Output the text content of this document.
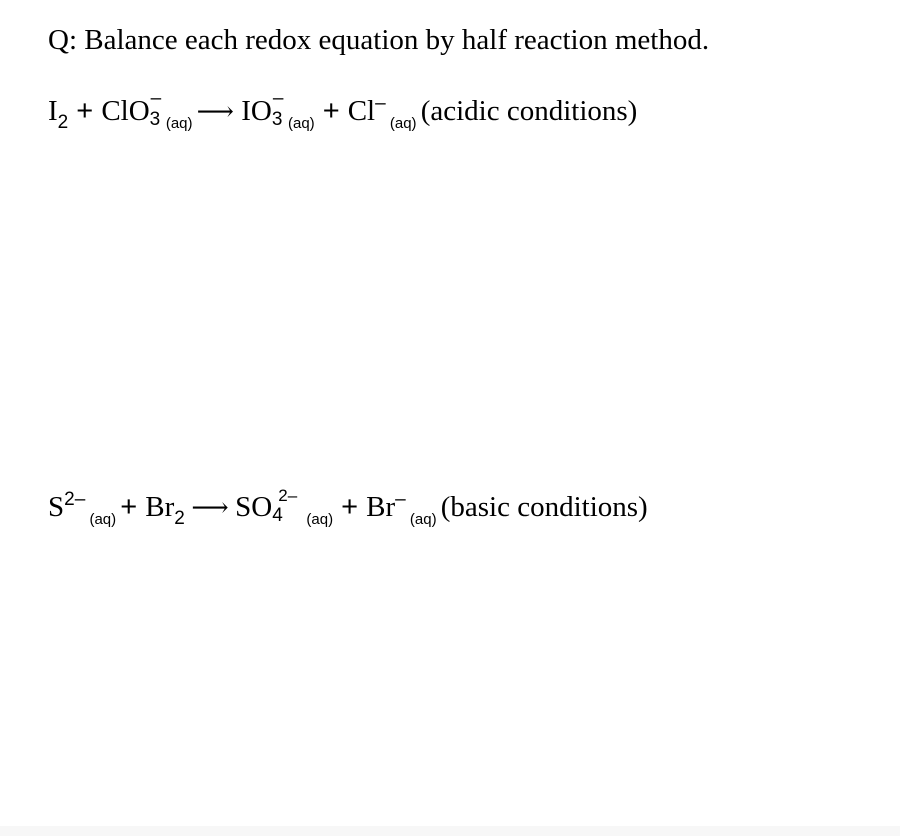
Q: Balance each redox equation by half reaction method.
$I_2$ + ClO –
3 $_{(aq)}$ ⟶ IO –
3 $_{(aq)}$ + Cl– $_{(aq)}$ (acidic conditions)
$S^{2-}$ $_{(aq)} + Br_2$ ⟶ SO 2–
4 $_{(aq)}$ + Br– $_{(aq)}$ (basic conditions)
